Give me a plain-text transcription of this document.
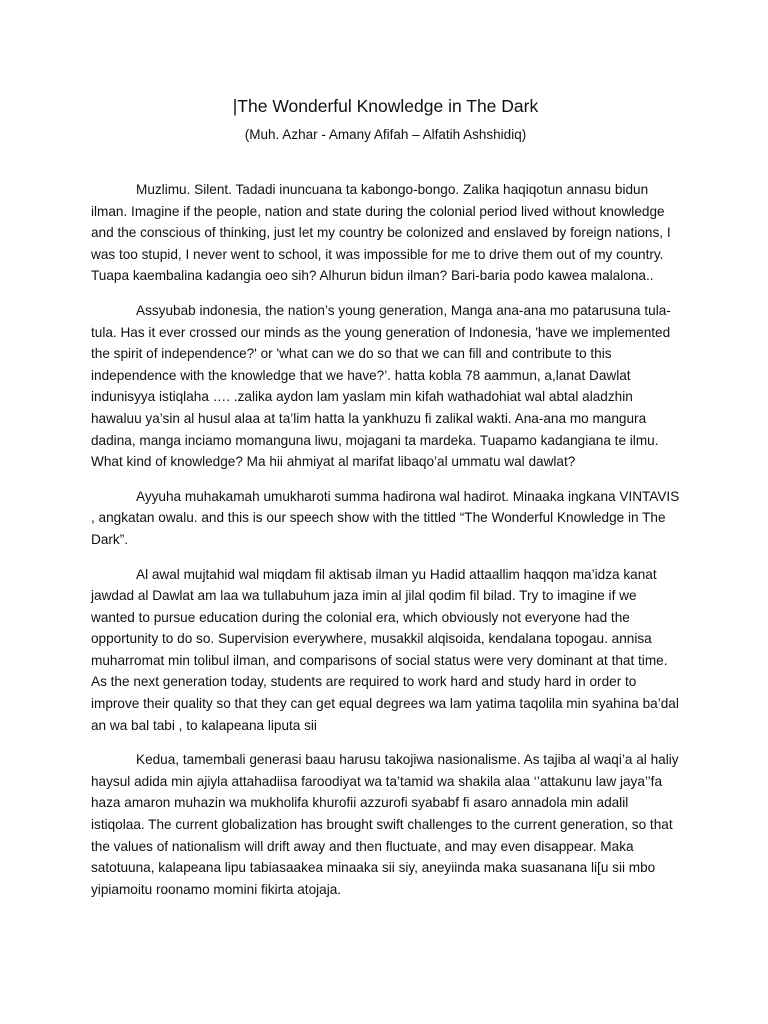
|The Wonderful Knowledge in The Dark

(Muh. Azhar - Amany Afifah – Alfatih Ashshidiq)

Muzlimu. Silent. Tadadi inuncuana ta kabongo-bongo. Zalika haqiqotun annasu bidun ilman. Imagine if the people, nation and state during the colonial period lived without knowledge and the conscious of thinking, just let my country be colonized and enslaved by foreign nations, I was too stupid, I never went to school, it was impossible for me to drive them out of my country. Tuapa kaembalina kadangia oeo sih? Alhurun bidun ilman? Bari-baria podo kawea malalona..

Assyubab indonesia, the nation’s young generation, Manga ana-ana mo patarusuna tula-tula. Has it ever crossed our minds as the young generation of Indonesia, 'have we implemented the spirit of independence?' or 'what can we do so that we can fill and contribute to this independence with the knowledge that we have?’. hatta kobla 78 aammun, a,lanat Dawlat indunisyya istiqlaha …. .zalika aydon lam yaslam min kifah wathadohiat wal abtal aladzhin hawaluu ya’sin al husul alaa at ta’lim hatta la yankhuzu fi zalikal wakti. Ana-ana mo mangura dadina, manga inciamo momanguna liwu, mojagani ta mardeka. Tuapamo kadangiana te ilmu. What kind of knowledge? Ma hii ahmiyat al marifat libaqo’al ummatu wal dawlat?

Ayyuha muhakamah umukharoti summa hadirona wal hadirot. Minaaka ingkana VINTAVIS , angkatan owalu. and this is our speech show with the tittled “The Wonderful Knowledge in The Dark”.

Al awal mujtahid wal miqdam fil aktisab ilman yu Hadid attaallim haqqon ma’idza kanat jawdad al Dawlat am laa wa tullabuhum jaza imin al jilal qodim fil bilad. Try to imagine if we wanted to pursue education during the colonial era, which obviously not everyone had the opportunity to do so. Supervision everywhere, musakkil alqisoida, kendalana topogau. annisa muharromat min tolibul ilman, and comparisons of social status were very dominant at that time. As the next generation today, students are required to work hard and study hard in order to improve their quality so that they can get equal degrees wa lam yatima taqolila min syahina ba’dal an wa bal tabi , to kalapeana liputa sii

Kedua, tamembali generasi baau harusu takojiwa nasionalisme. As tajiba al waqi’a al haliy haysul adida min ajiyla attahadiisa faroodiyat wa ta’tamid wa shakila alaa ‘’attakunu law jaya’’fa haza amaron muhazin wa mukholifa khurofii azzurofi syababf fi asaro annadola min adalil istiqolaa. The current globalization has brought swift challenges to the current generation, so that the values of nationalism will drift away and then fluctuate, and may even disappear. Maka satotuuna, kalapeana lipu tabiasaakea minaaka sii siy, aneyiinda maka suasanana li[u sii mbo yipiamoitu roonamo momini fikirta atojaja.
